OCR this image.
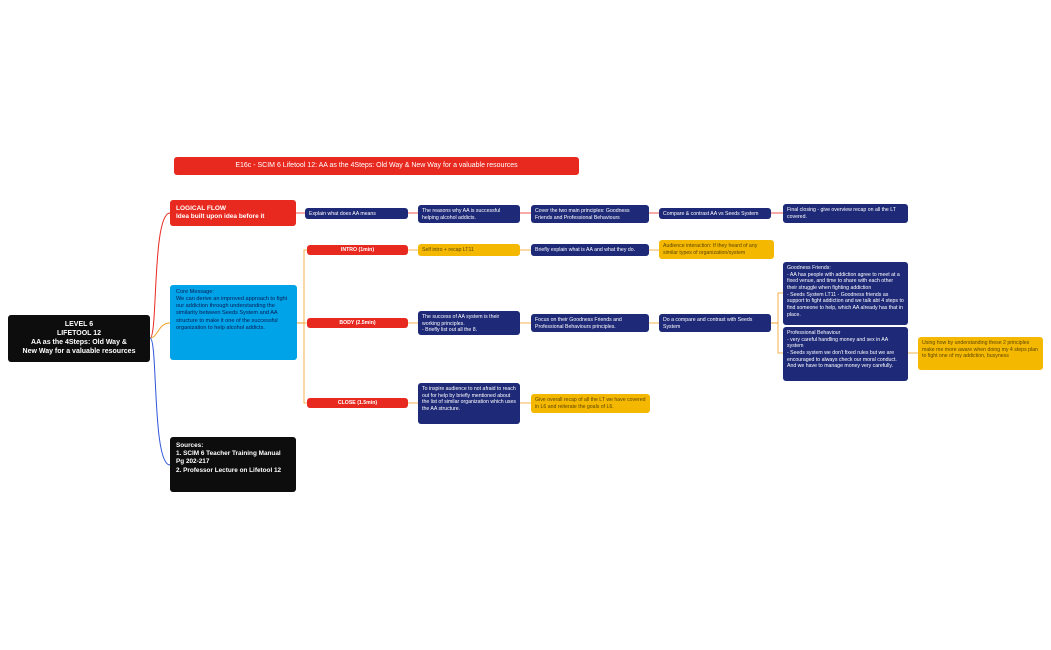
E16c - SCIM 6 Lifetool 12: AA as the 4Steps: Old Way & New Way for a valuable resources
LEVEL 6
LIFETOOL 12
AA as the 4Steps: Old Way &
New Way for a valuable resources
LOGICAL FLOW
Idea built upon idea before it
Core Message:
We can derive an improved approach to fight our addiction through understanding the similarity between Seeds System and AA structure to make it one of the successful organization to help alcohol addicts.
Sources:
1. SCIM 6 Teacher Training Manual Pg 202-217
2. Professor Lecture on Lifetool 12
Explain what does AA means	The reasons why AA is successful helping alcohol addicts.
Cover the two main principles: Goodness Friends and Professional Behaviours
Compare & contrast AA vs Seeds System
Final closing - give overview recap on all the LT covered.
INTRO (1min)	Self intro + recap LT11	Briefly explain what is AA and what they do.
Audience interaction: If they heard of any similar types of organization/system
BODY (2.5min)
The success of AA system is their working principles.
- Briefly list out all the 8.
Focus on their Goodness Friends and Professional Behaviours principles.
Do a compare and contrast with Seeds System
Goodness Friends:
- AA has people with addiction agree to meet at a fixed venue, and time to share with each other their struggle when fighting addiction
- Seeds System LT11 - Goodness friends as support to fight addiction and we talk abt 4 steps to find someone to help, which AA already has that in place.
Professional Behaviour
- very careful handling money and sex in AA system
- Seeds system we don't fixed rules but we are encouraged to always check our moral conduct. And we have to manage money very carefully.
Using how by understanding these 2 principles make me more aware when doing my 4 steps plan to fight one of my addiction, busyness
CLOSE (1.5min)
To inspire audience to not afraid to reach out for help by briefly mentioned about the list of similar organization which uses the AA structure.
Give overall recap of all the LT we have covered in L6 and reiterate the goals of L6.
